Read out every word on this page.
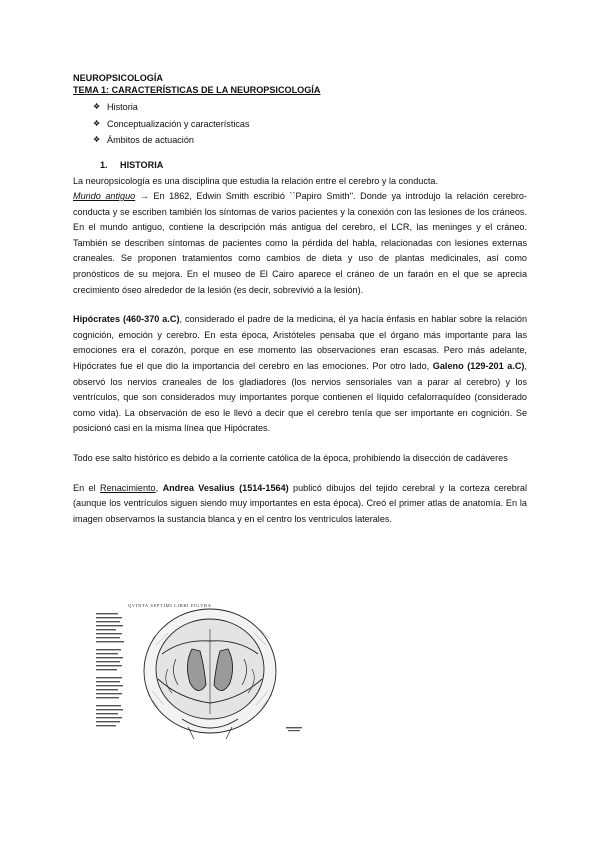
NEUROPSICOLOGÍA

TEMA 1: CARACTERÍSTICAS DE LA NEUROPSICOLOGÍA

❖ Historia
❖ Conceptualización y características
❖ Ámbitos de actuación
1. HISTORIA

La neuropsicología es una disciplina que estudia la relación entre el cerebro y la conducta.

Mundo antiguo → En 1862, Edwin Smith escribió ``Papiro Smith''. Donde ya introdujo la relación cerebro-conducta y se escriben también los síntomas de varios pacientes y la conexión con las lesiones de los cráneos. En el mundo antiguo, contiene la descripción más antigua del cerebro, el LCR, las meninges y el cráneo. También se describen síntomas de pacientes como la pérdida del habla, relacionadas con lesiones externas craneales. Se proponen tratamientos como cambios de dieta y uso de plantas medicinales, así como pronósticos de su mejora. En el museo de El Cairo aparece el cráneo de un faraón en el que se aprecia crecimiento óseo alrededor de la lesión (es decir, sobrevivió a la lesión).

Hipócrates (460-370 a.C), considerado el padre de la medicina, él ya hacía énfasis en hablar sobre la relación cognición, emoción y cerebro. En esta época, Aristóteles pensaba que el órgano más importante para las emociones era el corazón, porque en ese momento las observaciones eran escasas. Pero más adelante, Hipócrates fue el que dio la importancia del cerebro en las emociones. Por otro lado, Galeno (129-201 a.C), observó los nervios craneales de los gladiadores (los nervios sensoriales van a parar al cerebro) y los ventrículos, que son considerados muy importantes porque contienen el líquido cefalorraquídeo (considerado como vida). La observación de eso le llevó a decir que el cerebro tenía que ser importante en cognición. Se posicionó casi en la misma línea que Hipócrates.

Todo ese salto histórico es debido a la corriente católica de la época, prohibiendo la disección de cadáveres

En el Renacimiento, Andrea Vesalius (1514-1564) publicó dibujos del tejido cerebral y la corteza cerebral (aunque los ventrículos siguen siendo muy importantes en esta época). Creó el primer atlas de anatomía. En la imagen observamos la sustancia blanca y en el centro los ventrículos laterales.

QVINTA SEPTIMI LIBRI FIGVRA
